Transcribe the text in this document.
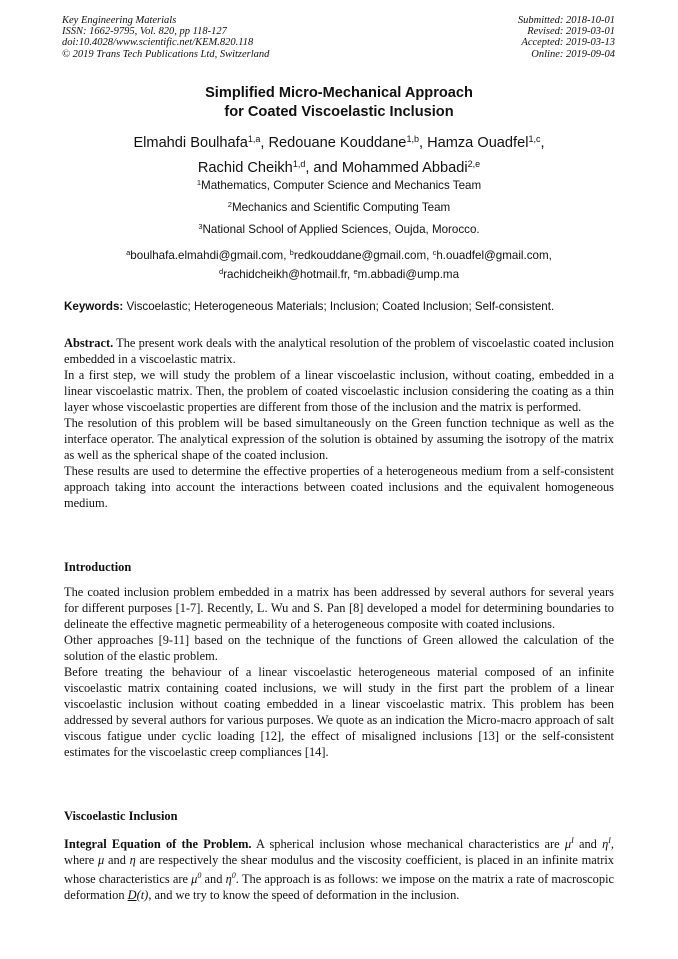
Key Engineering Materials
ISSN: 1662-9795, Vol. 820, pp 118-127
doi:10.4028/www.scientific.net/KEM.820.118
© 2019 Trans Tech Publications Ltd, Switzerland
Submitted: 2018-10-01
Revised: 2019-03-01
Accepted: 2019-03-13
Online: 2019-09-04
Simplified Micro-Mechanical Approach
for Coated Viscoelastic Inclusion
Elmahdi Boulhafa$^{1,a}$, Redouane Kouddane$^{1,b}$, Hamza Ouadfel$^{1,c}$,
Rachid Cheikh$^{1,d}$, and Mohammed Abbadi$^{2,e}$
$^1$Mathematics, Computer Science and Mechanics Team
$^2$Mechanics and Scientific Computing Team
$^3$National School of Applied Sciences, Oujda, Morocco.
$^a$boulhafa.elmahdi@gmail.com, $^b$redkouddane@gmail.com, $^c$h.ouadfel@gmail.com,
$^d$rachidcheikh@hotmail.fr, $^e$m.abbadi@ump.ma
Keywords: Viscoelastic; Heterogeneous Materials; Inclusion; Coated Inclusion; Self-consistent.

Abstract. The present work deals with the analytical resolution of the problem of viscoelastic coated inclusion embedded in a viscoelastic matrix.

In a first step, we will study the problem of a linear viscoelastic inclusion, without coating, embedded in a linear viscoelastic matrix. Then, the problem of coated viscoelastic inclusion considering the coating as a thin layer whose viscoelastic properties are different from those of the inclusion and the matrix is performed.

The resolution of this problem will be based simultaneously on the Green function technique as well as the interface operator. The analytical expression of the solution is obtained by assuming the isotropy of the matrix as well as the spherical shape of the coated inclusion.

These results are used to determine the effective properties of a heterogeneous medium from a self-consistent approach taking into account the interactions between coated inclusions and the equivalent homogeneous medium.

Introduction

The coated inclusion problem embedded in a matrix has been addressed by several authors for several years for different purposes [1-7]. Recently, L. Wu and S. Pan [8] developed a model for determining boundaries to delineate the effective magnetic permeability of a heterogeneous composite with coated inclusions.

Other approaches [9-11] based on the technique of the functions of Green allowed the calculation of the solution of the elastic problem.

Before treating the behaviour of a linear viscoelastic heterogeneous material composed of an infinite viscoelastic matrix containing coated inclusions, we will study in the first part the problem of a linear viscoelastic inclusion without coating embedded in a linear viscoelastic matrix. This problem has been addressed by several authors for various purposes. We quote as an indication the Micro-macro approach of salt viscous fatigue under cyclic loading [12], the effect of misaligned inclusions [13] or the self-consistent estimates for the viscoelastic creep compliances [14].

Viscoelastic Inclusion

Integral Equation of the Problem. A spherical inclusion whose mechanical characteristics are $\mu^I$ and $\eta^I$, where μ and η are respectively the shear modulus and the viscosity coefficient, is placed in an infinite matrix whose characteristics are $\mu^0$ and $\eta^0$. The approach is as follows: we impose on the matrix a rate of macroscopic deformation D(t), and we try to know the speed of deformation in the inclusion.
